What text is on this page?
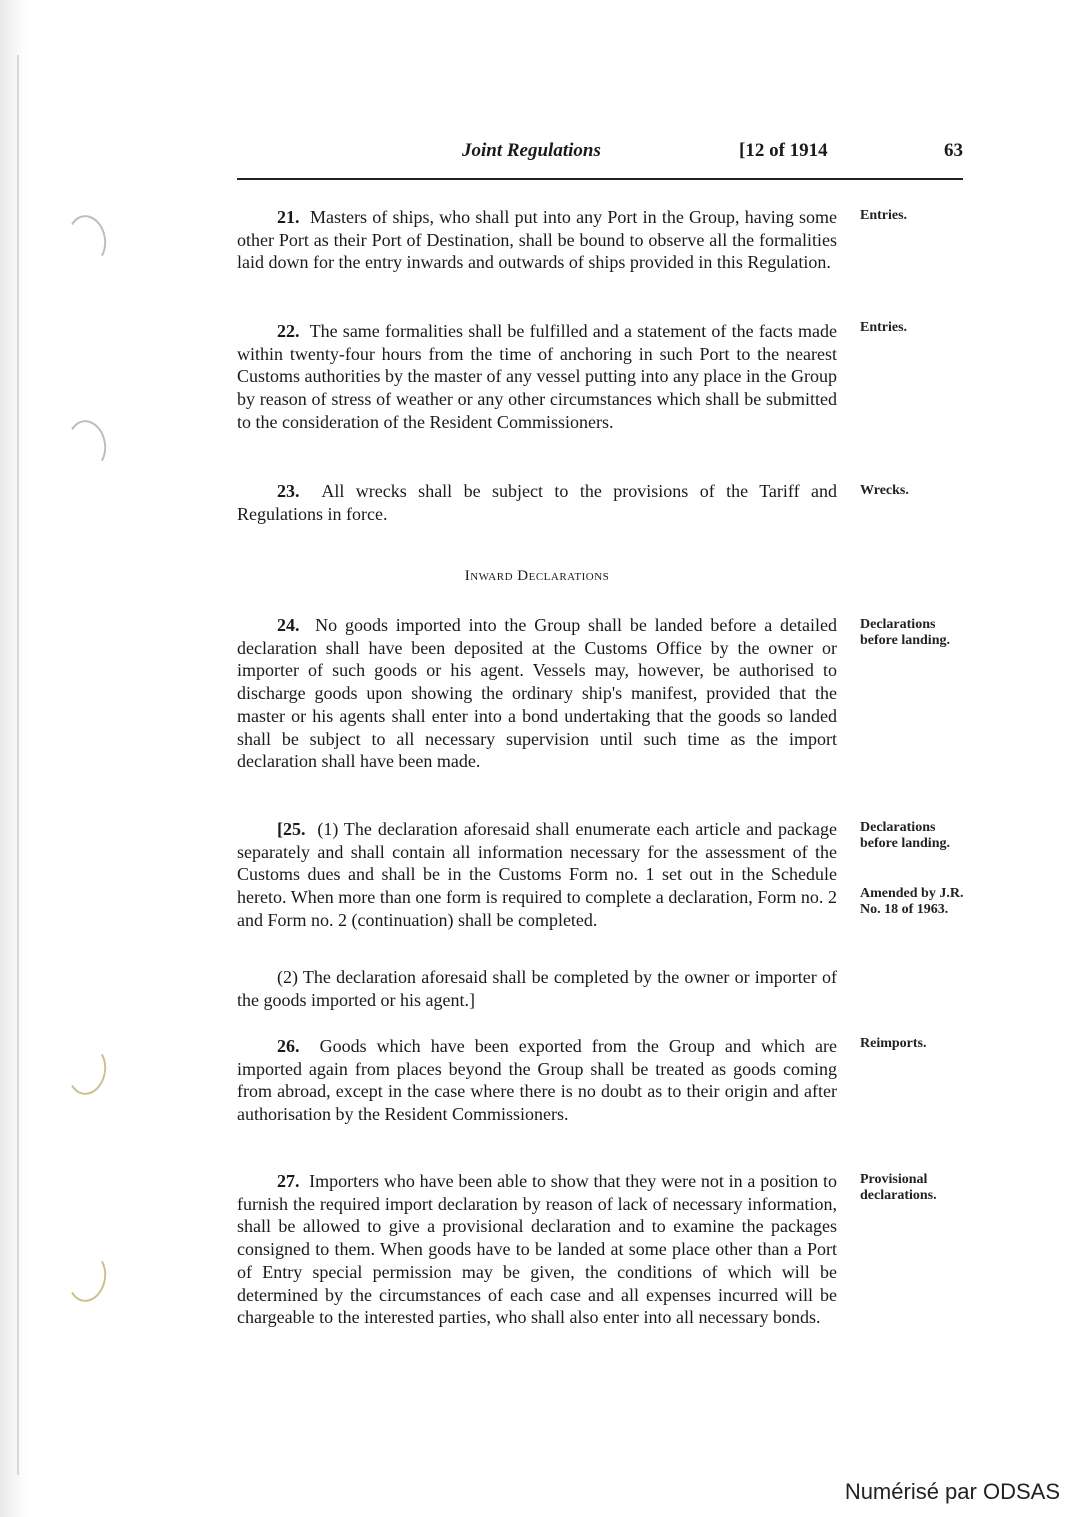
Joint Regulations	[12 of 1914	63

21. Masters of ships, who shall put into any Port in the Group, having some other Port as their Port of Destination, shall be bound to observe all the formalities laid down for the entry inwards and outwards of ships provided in this Regulation.

Entries.

22. The same formalities shall be fulfilled and a statement of the facts made within twenty-four hours from the time of anchoring in such Port to the nearest Customs authorities by the master of any vessel putting into any place in the Group by reason of stress of weather or any other circumstances which shall be submitted to the consideration of the Resident Commissioners.

Entries.

23. All wrecks shall be subject to the provisions of the Tariff and Regulations in force.

Wrecks.
Inward Declarations

24. No goods imported into the Group shall be landed before a detailed declaration shall have been deposited at the Customs Office by the owner or importer of such goods or his agent. Vessels may, however, be authorised to discharge goods upon showing the ordinary ship's manifest, provided that the master or his agents shall enter into a bond undertaking that the goods so landed shall be subject to all necessary supervision until such time as the import declaration shall have been made.

Declarations before landing.

[25. (1) The declaration aforesaid shall enumerate each article and package separately and shall contain all information necessary for the assessment of the Customs dues and shall be in the Customs Form no. 1 set out in the Schedule hereto. When more than one form is required to complete a declaration, Form no. 2 and Form no. 2 (continuation) shall be completed.

Declarations before landing.
Amended by J.R. No. 18 of 1963.

(2) The declaration aforesaid shall be completed by the owner or importer of the goods imported or his agent.]

26. Goods which have been exported from the Group and which are imported again from places beyond the Group shall be treated as goods coming from abroad, except in the case where there is no doubt as to their origin and after authorisation by the Resident Commissioners.

Reimports.

27. Importers who have been able to show that they were not in a position to furnish the required import declaration by reason of lack of necessary information, shall be allowed to give a provisional declaration and to examine the packages consigned to them. When goods have to be landed at some place other than a Port of Entry special permission may be given, the conditions of which will be determined by the circumstances of each case and all expenses incurred will be chargeable to the interested parties, who shall also enter into all necessary bonds.

Provisional declarations.
Numérisé par ODSAS
